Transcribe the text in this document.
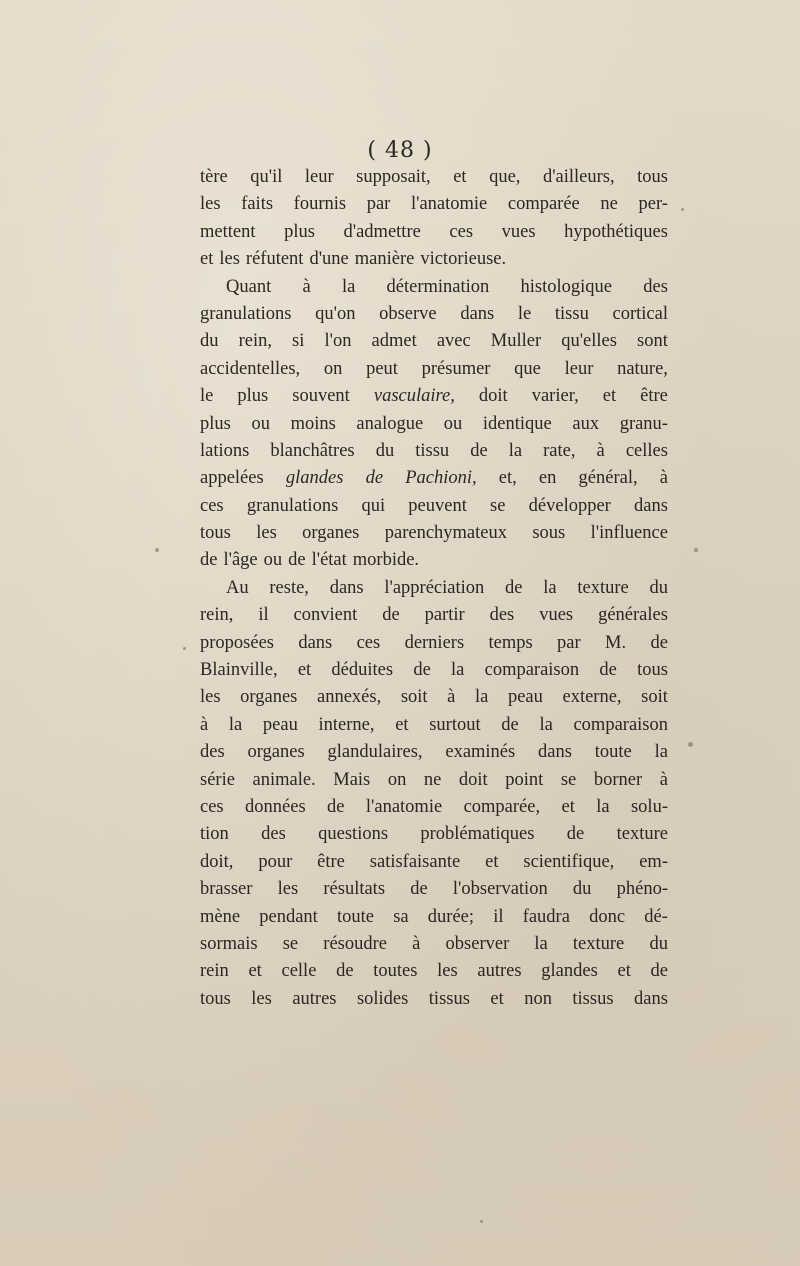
( 48 )
tère qu'il leur supposait, et que, d'ailleurs, tous
les faits fournis par l'anatomie comparée ne per-
mettent plus d'admettre ces vues hypothétiques
et les réfutent d'une manière victorieuse.
Quant à la détermination histologique des
granulations qu'on observe dans le tissu cortical
du rein, si l'on admet avec Muller qu'elles sont
accidentelles, on peut présumer que leur nature,
le plus souvent vasculaire, doit varier, et être
plus ou moins analogue ou identique aux granu-
lations blanchâtres du tissu de la rate, à celles
appelées glandes de Pachioni, et, en général, à
ces granulations qui peuvent se développer dans
tous les organes parenchymateux sous l'influence
de l'âge ou de l'état morbide.
Au reste, dans l'appréciation de la texture du
rein, il convient de partir des vues générales
proposées dans ces derniers temps par M. de
Blainville, et déduites de la comparaison de tous
les organes annexés, soit à la peau externe, soit
à la peau interne, et surtout de la comparaison
des organes glandulaires, examinés dans toute la
série animale. Mais on ne doit point se borner à
ces données de l'anatomie comparée, et la solu-
tion des questions problématiques de texture
doit, pour être satisfaisante et scientifique, em-
brasser les résultats de l'observation du phéno-
mène pendant toute sa durée; il faudra donc dé-
sormais se résoudre à observer la texture du
rein et celle de toutes les autres glandes et de
tous les autres solides tissus et non tissus dans
